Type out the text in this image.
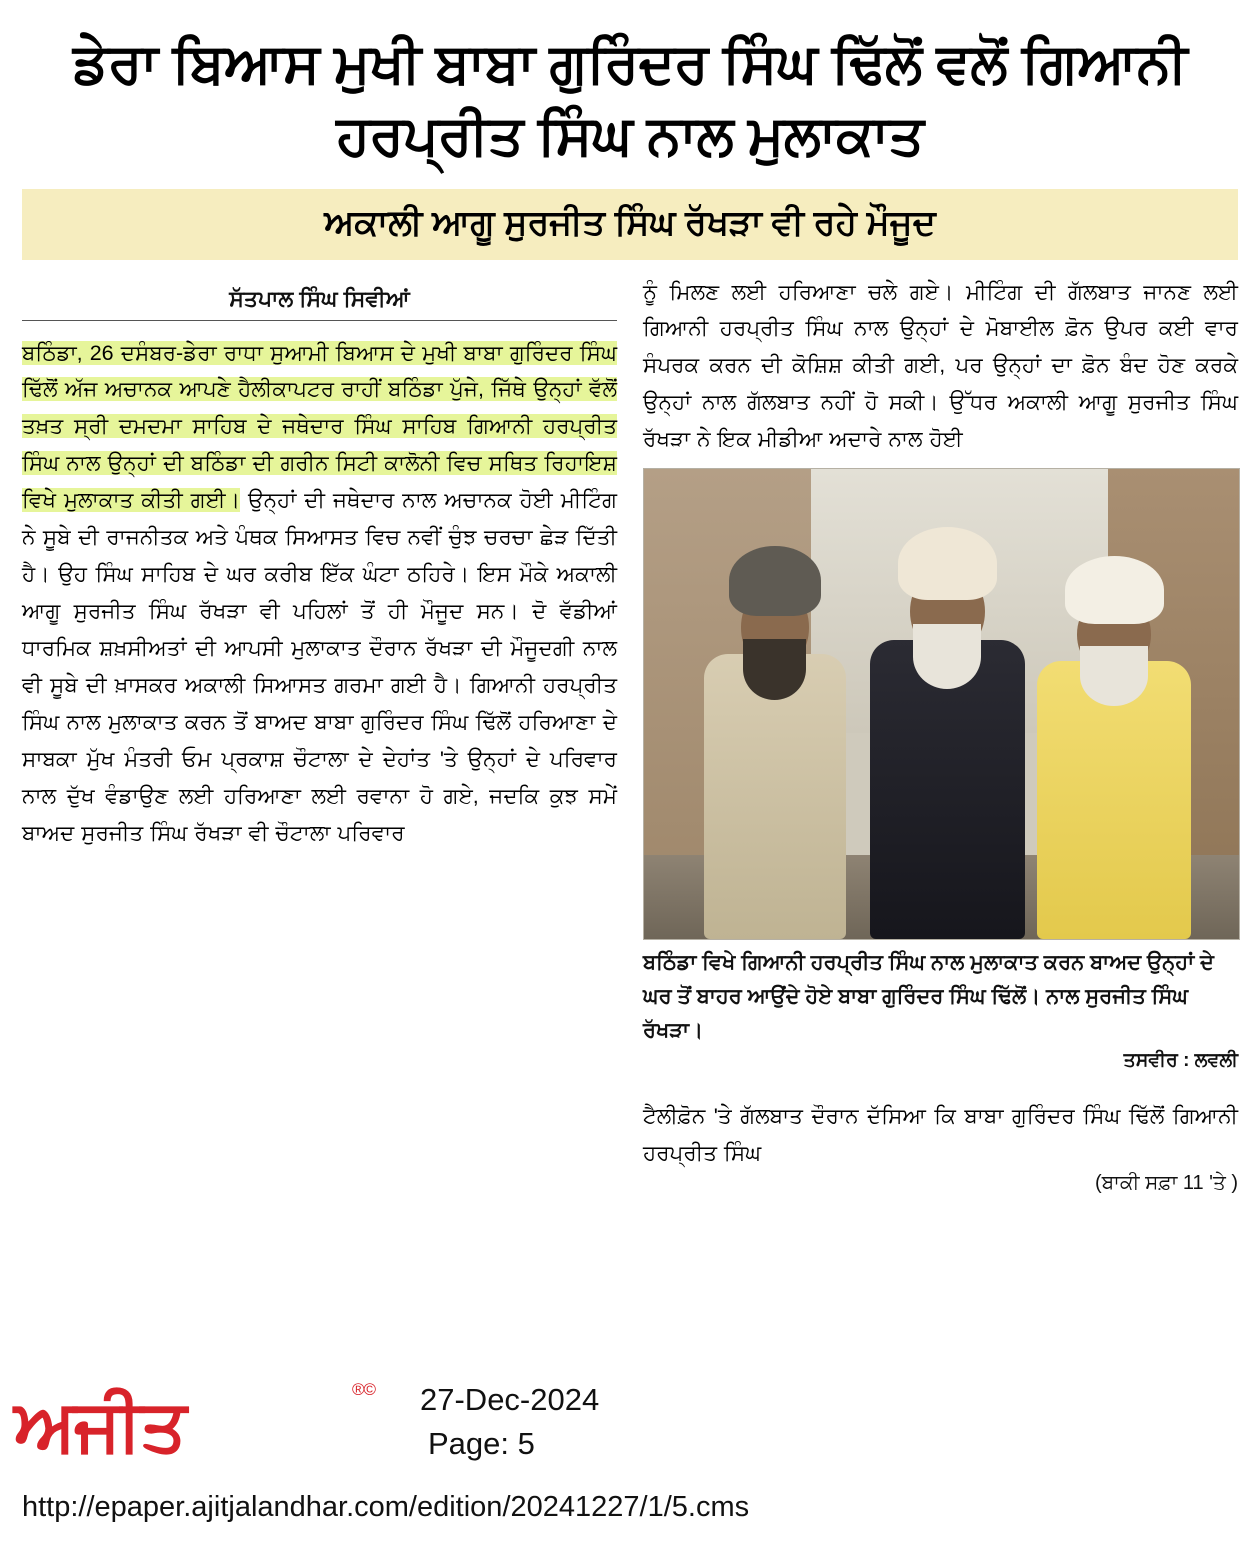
ਡੇਰਾ ਬਿਆਸ ਮੁਖੀ ਬਾਬਾ ਗੁਰਿੰਦਰ ਸਿੰਘ ਢਿੱਲੋਂ ਵਲੋਂ ਗਿਆਨੀ ਹਰਪ੍ਰੀਤ ਸਿੰਘ ਨਾਲ ਮੁਲਾਕਾਤ
ਅਕਾਲੀ ਆਗੂ ਸੁਰਜੀਤ ਸਿੰਘ ਰੱਖੜਾ ਵੀ ਰਹੇ ਮੌਜੂਦ
ਸੱਤਪਾਲ ਸਿੰਘ ਸਿਵੀਆਂ
ਬਠਿੰਡਾ, 26 ਦਸੰਬਰ-ਡੇਰਾ ਰਾਧਾ ਸੁਆਮੀ ਬਿਆਸ ਦੇ ਮੁਖੀ ਬਾਬਾ ਗੁਰਿੰਦਰ ਸਿੰਘ ਢਿੱਲੋਂ ਅੱਜ ਅਚਾਨਕ ਆਪਣੇ ਹੈਲੀਕਾਪਟਰ ਰਾਹੀਂ ਬਠਿੰਡਾ ਪੁੱਜੇ, ਜਿੱਥੇ ਉਨ੍ਹਾਂ ਵੱਲੋਂ ਤਖ਼ਤ ਸ੍ਰੀ ਦਮਦਮਾ ਸਾਹਿਬ ਦੇ ਜਥੇਦਾਰ ਸਿੰਘ ਸਾਹਿਬ ਗਿਆਨੀ ਹਰਪ੍ਰੀਤ ਸਿੰਘ ਨਾਲ ਉਨ੍ਹਾਂ ਦੀ ਬਠਿੰਡਾ ਦੀ ਗਰੀਨ ਸਿਟੀ ਕਾਲੋਨੀ ਵਿਚ ਸਥਿਤ ਰਿਹਾਇਸ਼ ਵਿਖੇ ਮੁਲਾਕਾਤ ਕੀਤੀ ਗਈ। ਉਨ੍ਹਾਂ ਦੀ ਜਥੇਦਾਰ ਨਾਲ ਅਚਾਨਕ ਹੋਈ ਮੀਟਿੰਗ ਨੇ ਸੂਬੇ ਦੀ ਰਾਜਨੀਤਕ ਅਤੇ ਪੰਥਕ ਸਿਆਸਤ ਵਿਚ ਨਵੀਂ ਚੁੰਝ ਚਰਚਾ ਛੇੜ ਦਿੱਤੀ ਹੈ। ਉਹ ਸਿੰਘ ਸਾਹਿਬ ਦੇ ਘਰ ਕਰੀਬ ਇੱਕ ਘੰਟਾ ਠਹਿਰੇ। ਇਸ ਮੌਕੇ ਅਕਾਲੀ ਆਗੂ ਸੁਰਜੀਤ ਸਿੰਘ ਰੱਖੜਾ ਵੀ ਪਹਿਲਾਂ ਤੋਂ ਹੀ ਮੌਜੂਦ ਸਨ। ਦੋ ਵੱਡੀਆਂ ਧਾਰਮਿਕ ਸ਼ਖ਼ਸੀਅਤਾਂ ਦੀ ਆਪਸੀ ਮੁਲਾਕਾਤ ਦੌਰਾਨ ਰੱਖੜਾ ਦੀ ਮੌਜੂਦਗੀ ਨਾਲ ਵੀ ਸੂਬੇ ਦੀ ਖ਼ਾਸਕਰ ਅਕਾਲੀ ਸਿਆਸਤ ਗਰਮਾ ਗਈ ਹੈ। ਗਿਆਨੀ ਹਰਪ੍ਰੀਤ ਸਿੰਘ ਨਾਲ ਮੁਲਾਕਾਤ ਕਰਨ ਤੋਂ ਬਾਅਦ ਬਾਬਾ ਗੁਰਿੰਦਰ ਸਿੰਘ ਢਿੱਲੋਂ ਹਰਿਆਣਾ ਦੇ ਸਾਬਕਾ ਮੁੱਖ ਮੰਤਰੀ ਓਮ ਪ੍ਰਕਾਸ਼ ਚੌਟਾਲਾ ਦੇ ਦੇਹਾਂਤ 'ਤੇ ਉਨ੍ਹਾਂ ਦੇ ਪਰਿਵਾਰ ਨਾਲ ਦੁੱਖ ਵੰਡਾਉਣ ਲਈ ਹਰਿਆਣਾ ਲਈ ਰਵਾਨਾ ਹੋ ਗਏ, ਜਦਕਿ ਕੁਝ ਸਮੇਂ ਬਾਅਦ ਸੁਰਜੀਤ ਸਿੰਘ ਰੱਖੜਾ ਵੀ ਚੌਟਾਲਾ ਪਰਿਵਾਰ
ਨੂੰ ਮਿਲਣ ਲਈ ਹਰਿਆਣਾ ਚਲੇ ਗਏ। ਮੀਟਿੰਗ ਦੀ ਗੱਲਬਾਤ ਜਾਨਣ ਲਈ ਗਿਆਨੀ ਹਰਪ੍ਰੀਤ ਸਿੰਘ ਨਾਲ ਉਨ੍ਹਾਂ ਦੇ ਮੋਬਾਈਲ ਫ਼ੋਨ ਉਪਰ ਕਈ ਵਾਰ ਸੰਪਰਕ ਕਰਨ ਦੀ ਕੋਸ਼ਿਸ਼ ਕੀਤੀ ਗਈ, ਪਰ ਉਨ੍ਹਾਂ ਦਾ ਫ਼ੋਨ ਬੰਦ ਹੋਣ ਕਰਕੇ ਉਨ੍ਹਾਂ ਨਾਲ ਗੱਲਬਾਤ ਨਹੀਂ ਹੋ ਸਕੀ। ਉੱਧਰ ਅਕਾਲੀ ਆਗੂ ਸੁਰਜੀਤ ਸਿੰਘ ਰੱਖੜਾ ਨੇ ਇਕ ਮੀਡੀਆ ਅਦਾਰੇ ਨਾਲ ਹੋਈ
ਬਠਿੰਡਾ ਵਿਖੇ ਗਿਆਨੀ ਹਰਪ੍ਰੀਤ ਸਿੰਘ ਨਾਲ ਮੁਲਾਕਾਤ ਕਰਨ ਬਾਅਦ ਉਨ੍ਹਾਂ ਦੇ ਘਰ ਤੋਂ ਬਾਹਰ ਆਉਂਦੇ ਹੋਏ ਬਾਬਾ ਗੁਰਿੰਦਰ ਸਿੰਘ ਢਿੱਲੋਂ। ਨਾਲ ਸੁਰਜੀਤ ਸਿੰਘ ਰੱਖੜਾ।
ਤਸਵੀਰ : ਲਵਲੀ
ਟੈਲੀਫ਼ੋਨ 'ਤੇ ਗੱਲਬਾਤ ਦੌਰਾਨ ਦੱਸਿਆ ਕਿ ਬਾਬਾ ਗੁਰਿੰਦਰ ਸਿੰਘ ਢਿੱਲੋਂ ਗਿਆਨੀ ਹਰਪ੍ਰੀਤ ਸਿੰਘ
(ਬਾਕੀ ਸਫ਼ਾ 11 'ਤੇ )
ਅਜੀਤ	®© 27-Dec-2024
Page: 5
http://epaper.ajitjalandhar.com/edition/20241227/1/5.cms
